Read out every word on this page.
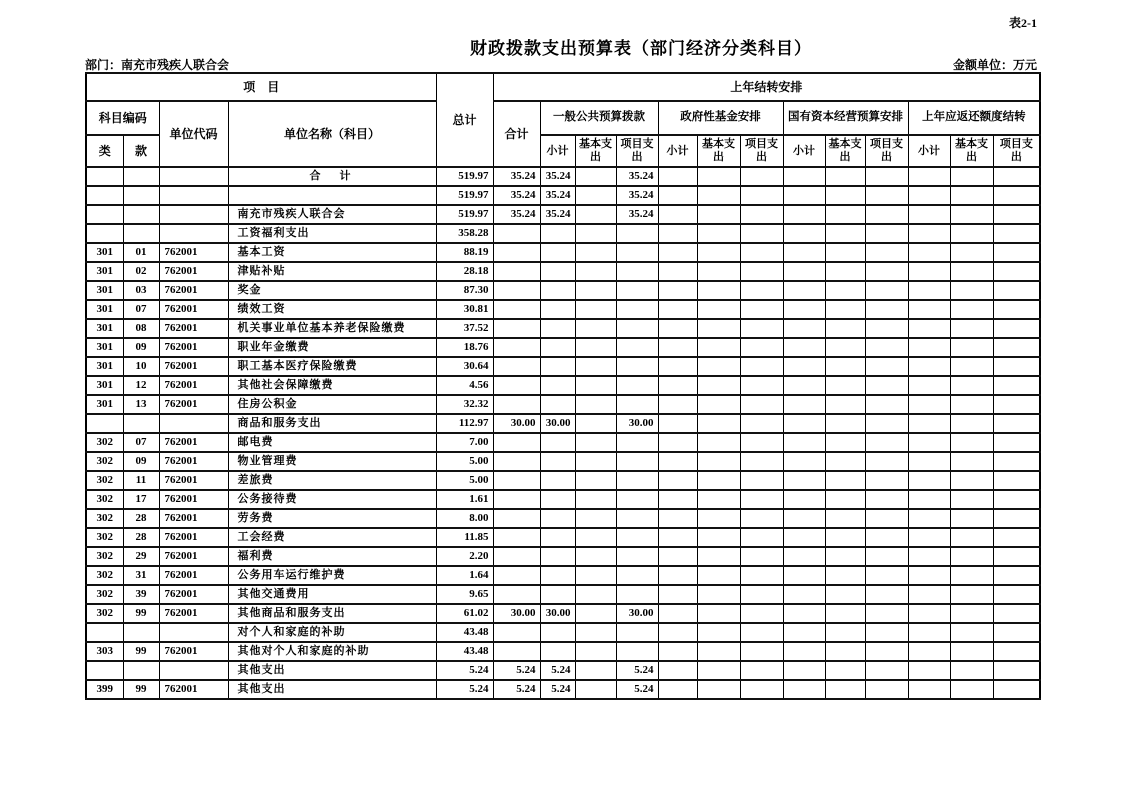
表2-1
财政拨款支出预算表（部门经济分类科目）
部门：南充市残疾人联合会	金额单位：万元
项　目				总计	上年结转安排												
科目编码		单位代码	单位名称（科目）		合计	一般公共预算拨款			政府性基金安排			国有资本经营预算安排			上年应返还额度结转		
类	款					小计	基本支出	项目支出	小计	基本支出	项目支出	小计	基本支出	项目支出	小计	基本支出	项目支出
			合　计	519.97	35.24	35.24		35.24									
				519.97	35.24	35.24		35.24									
			南充市残疾人联合会	519.97	35.24	35.24		35.24									
			工资福利支出	358.28													
301	01	762001	基本工资	88.19													
301	02	762001	津贴补贴	28.18													
301	03	762001	奖金	87.30													
301	07	762001	绩效工资	30.81													
301	08	762001	机关事业单位基本养老保险缴费	37.52													
301	09	762001	职业年金缴费	18.76													
301	10	762001	职工基本医疗保险缴费	30.64													
301	12	762001	其他社会保障缴费	4.56													
301	13	762001	住房公积金	32.32													
			商品和服务支出	112.97	30.00	30.00		30.00									
302	07	762001	邮电费	7.00													
302	09	762001	物业管理费	5.00													
302	11	762001	差旅费	5.00													
302	17	762001	公务接待费	1.61													
302	28	762001	劳务费	8.00													
302	28	762001	工会经费	11.85													
302	29	762001	福利费	2.20													
302	31	762001	公务用车运行维护费	1.64													
302	39	762001	其他交通费用	9.65													
302	99	762001	其他商品和服务支出	61.02	30.00	30.00		30.00									
			对个人和家庭的补助	43.48													
303	99	762001	其他对个人和家庭的补助	43.48													
			其他支出	5.24	5.24	5.24		5.24									
399	99	762001	其他支出	5.24	5.24	5.24		5.24									
